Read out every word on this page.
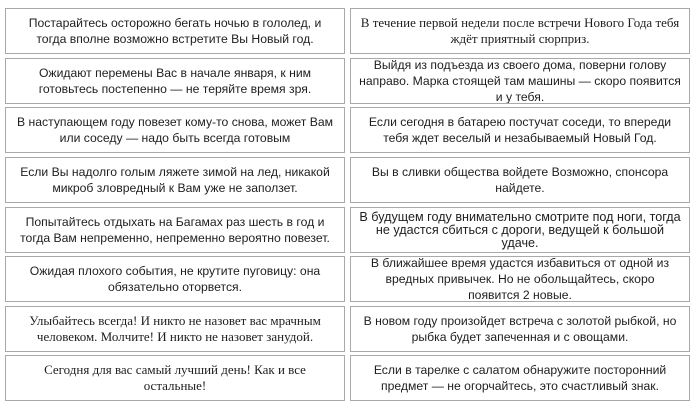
Постарайтесь осторожно бегать ночью в гололед, и тогда вполне возможно встретите Вы Новый год.
В течение первой недели после встречи Нового Года тебя ждёт приятный сюрприз.
Ожидают перемены Вас в начале января, к ним готовьтесь постепенно — не теряйте время зря.
Выйдя из подъезда из своего дома, поверни голову направо. Марка стоящей там машины — скоро появится и у тебя.
В наступающем году повезет кому-то снова, может Вам или соседу — надо быть всегда готовым
Если сегодня в батарею постучат соседи, то впереди тебя ждет веселый и незабываемый Новый Год.
Если Вы надолго голым ляжете зимой на лед, никакой микроб зловредный к Вам уже не заползет.
Вы в сливки общества войдете Возможно, спонсора найдете.
Попытайтесь отдыхать на Багамах раз шесть в год и тогда Вам непременно, непременно вероятно повезет.
В будущем году внимательно смотрите под ноги, тогда не удастся сбиться с дороги, ведущей к большой удаче.
Ожидая плохого события, не крутите пуговицу: она обязательно оторвется.
В ближайшее время удастся избавиться от одной из вредных привычек. Но не обольщайтесь, скоро появится 2 новые.
Улыбайтесь всегда! И никто не назовет вас мрачным человеком. Молчите! И никто не назовет занудой.
В новом году произойдет встреча с золотой рыбкой, но рыбка будет запеченная и с овощами.
Сегодня для вас самый лучший день! Как и все остальные!
Если в тарелке с салатом обнаружите посторонний предмет — не огорчайтесь, это счастливый знак.
